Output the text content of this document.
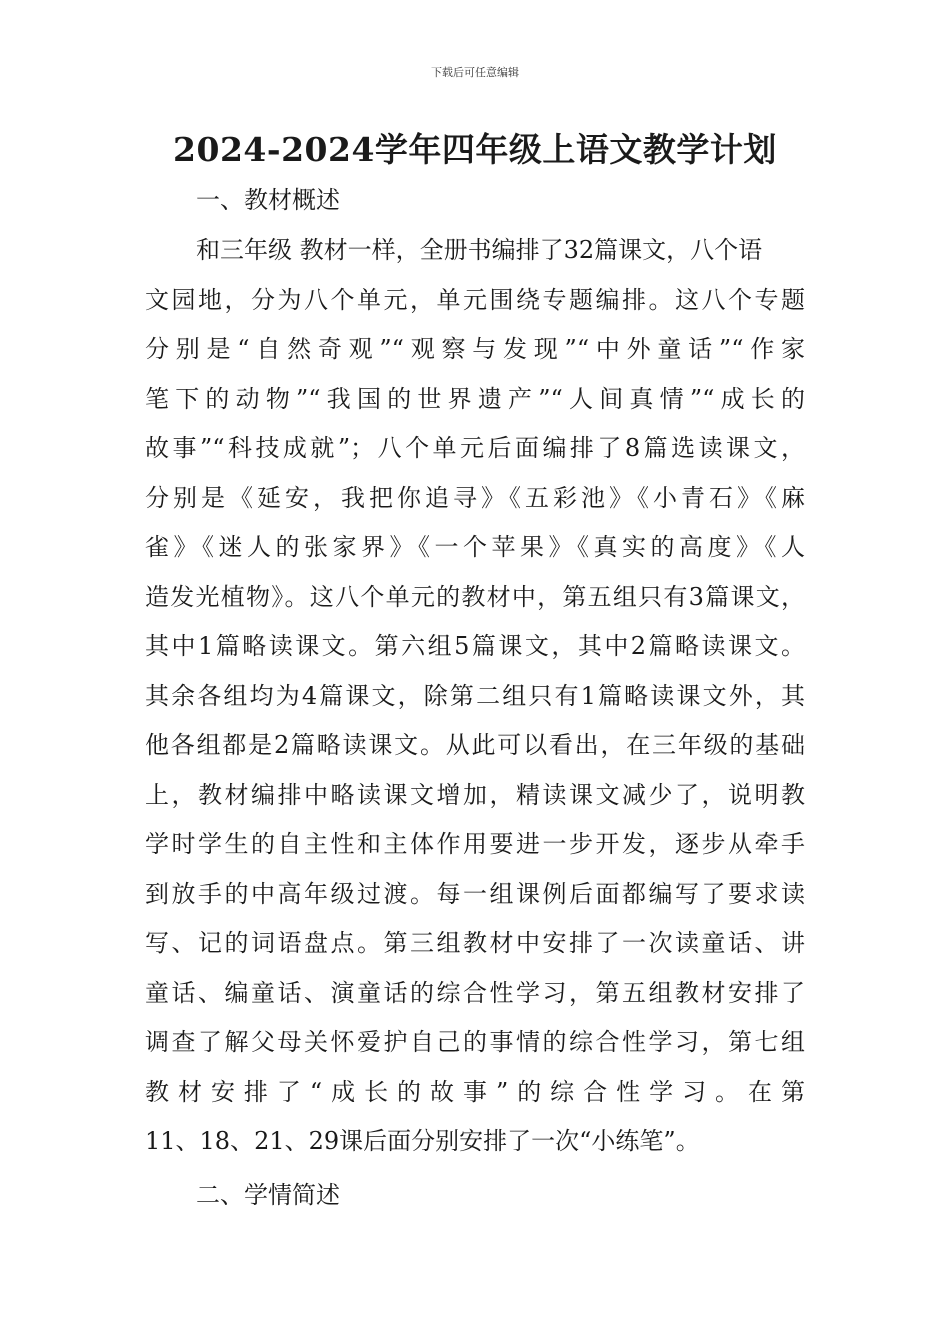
下载后可任意编辑
2024-2024学年四年级上语文教学计划
一、教材概述
和三年级 教材一样，全册书编排了32篇课文，八个语
文园地，分为八个单元，单元围绕专题编排。这八个专题
分别是“自然奇观”“观察与发现”“中外童话”“作家
笔下的动物”“我国的世界遗产”“人间真情”“成长的
故事”“科技成就”；八个单元后面编排了8篇选读课文，
分别是《延安，我把你追寻》《五彩池》《小青石》《麻
雀》《迷人的张家界》《一个苹果》《真实的高度》《人
造发光植物》。这八个单元的教材中，第五组只有3篇课文，
其中1篇略读课文。第六组5篇课文，其中2篇略读课文。
其余各组均为4篇课文，除第二组只有1篇略读课文外，其
他各组都是2篇略读课文。从此可以看出，在三年级的基础
上，教材编排中略读课文增加，精读课文减少了，说明教
学时学生的自主性和主体作用要进一步开发，逐步从牵手
到放手的中高年级过渡。每一组课例后面都编写了要求读
写、记的词语盘点。第三组教材中安排了一次读童话、讲
童话、编童话、演童话的综合性学习，第五组教材安排了
调查了解父母关怀爱护自己的事情的综合性学习，第七组
教材安排了“成长的故事”的综合性学习。在第
11、18、21、29课后面分别安排了一次“小练笔”。
二、学情简述
